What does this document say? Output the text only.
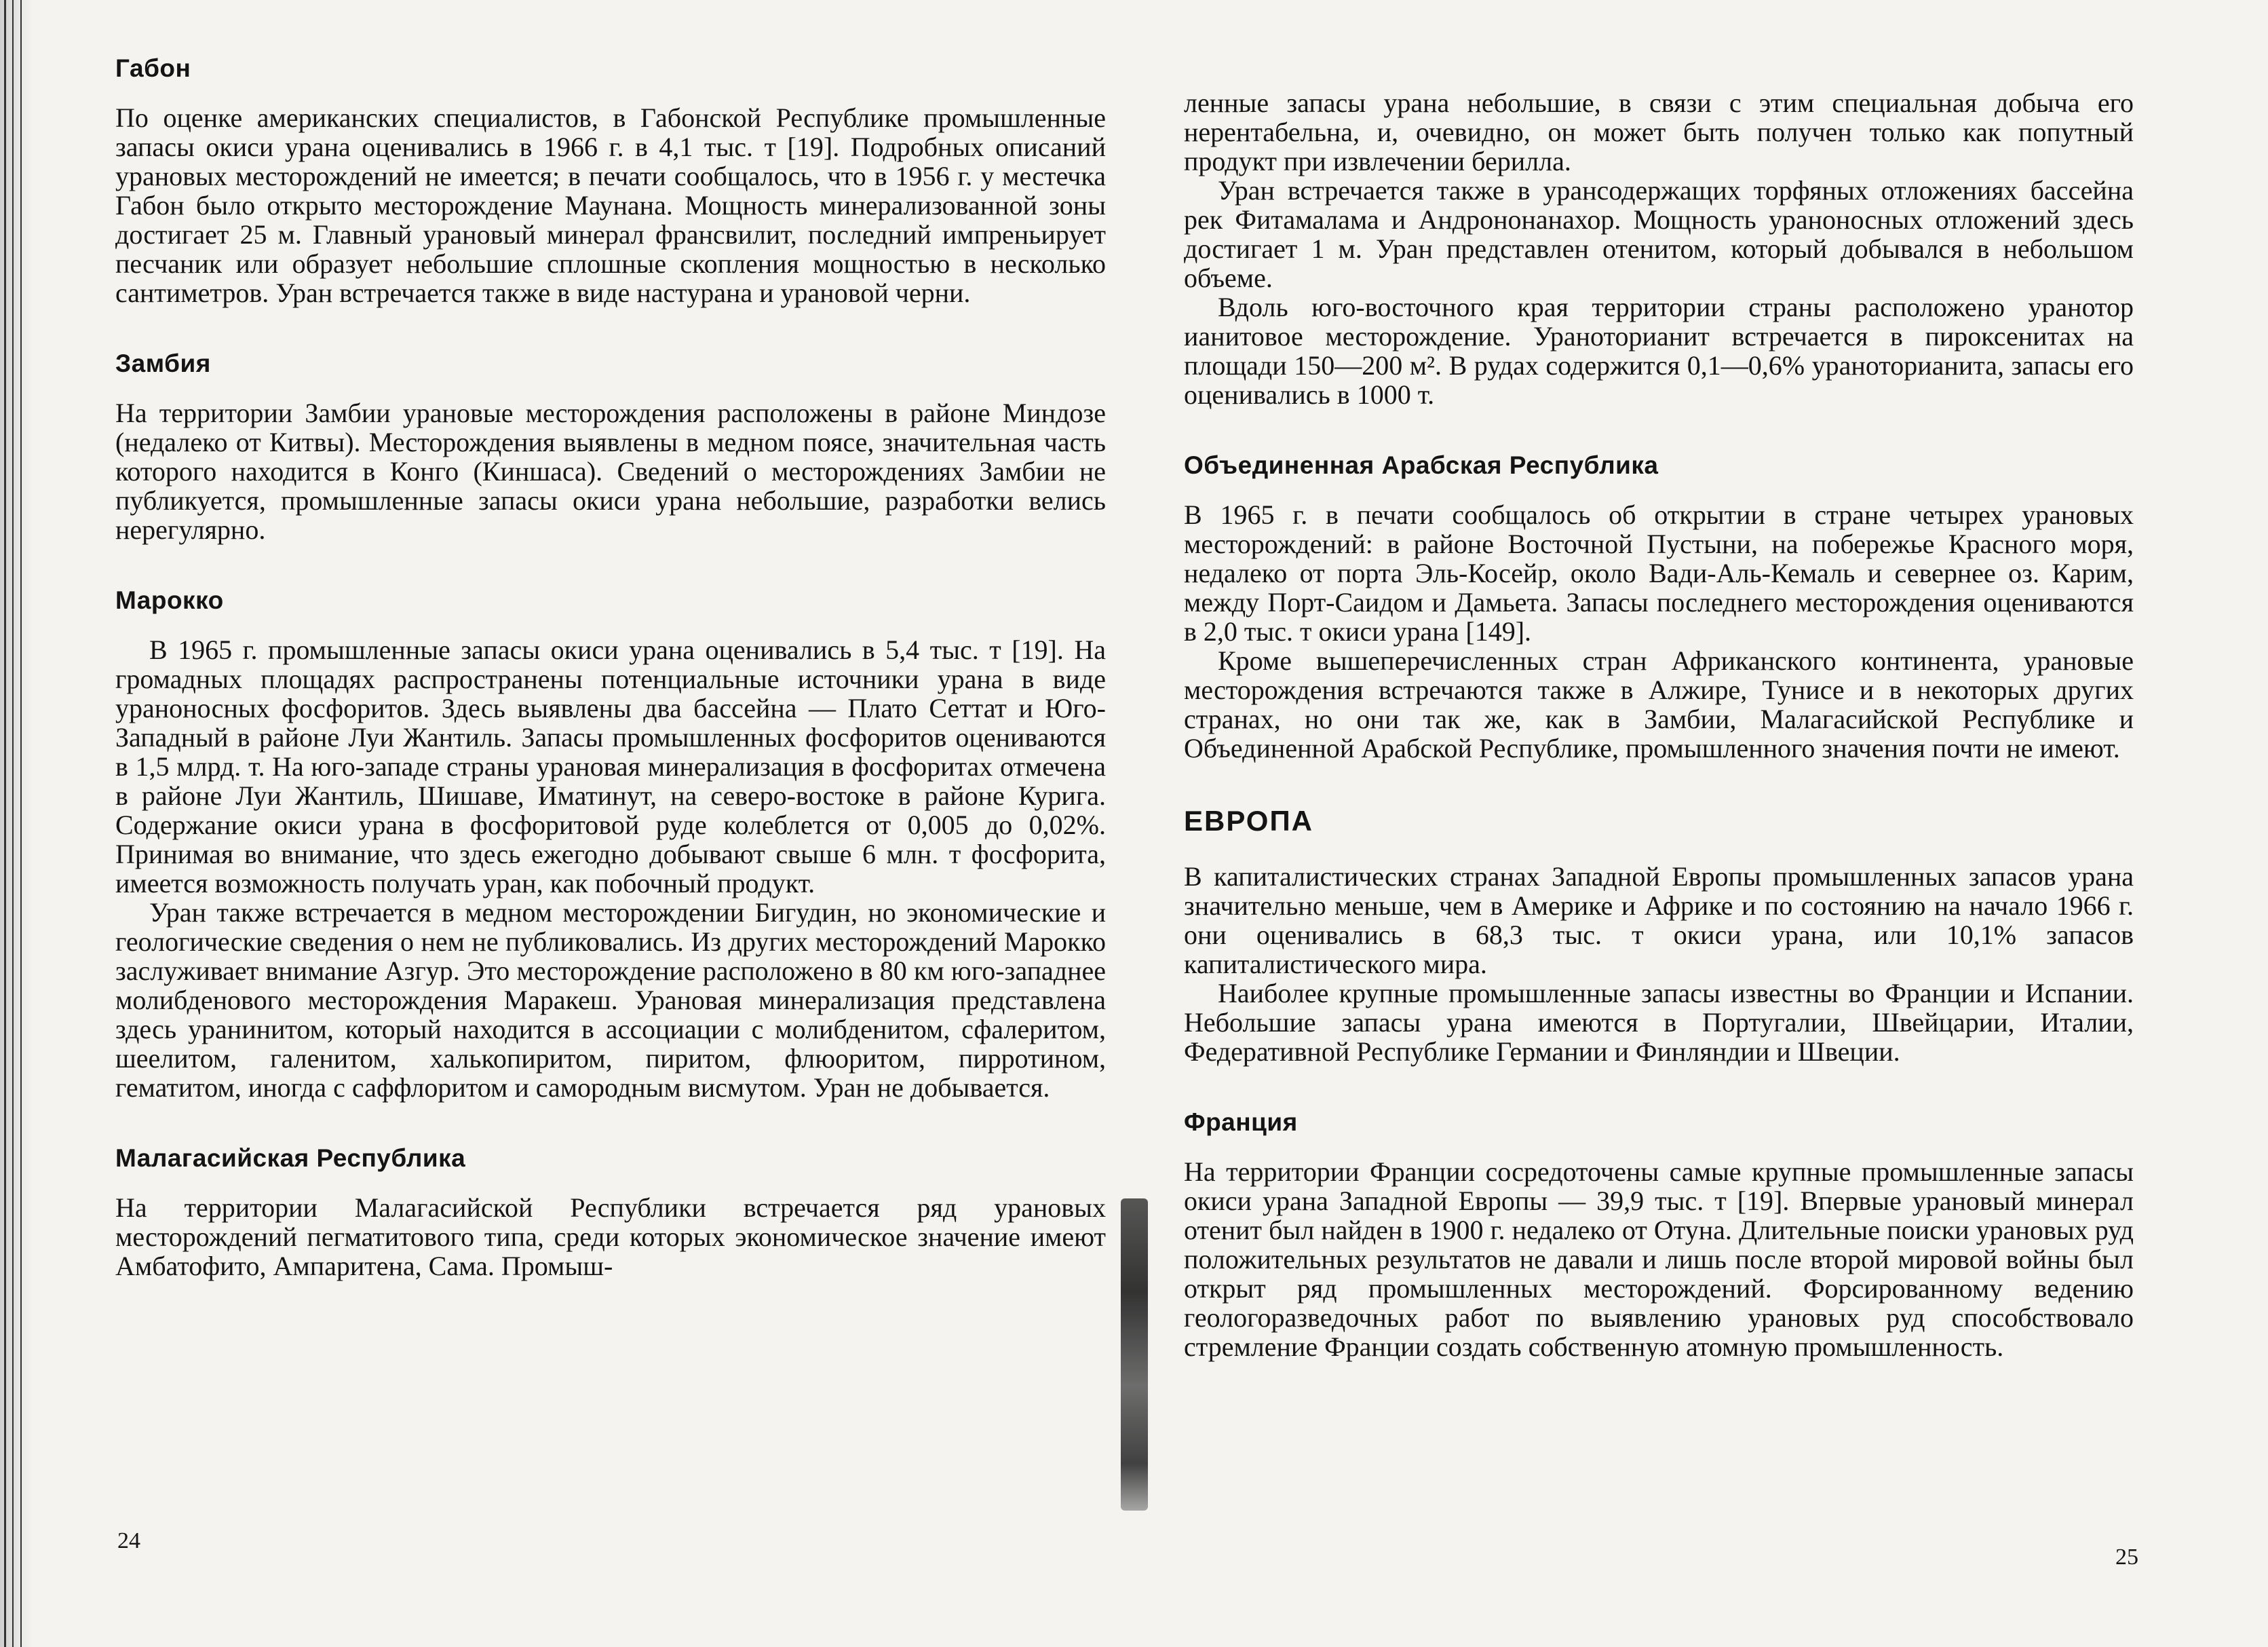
Габон

По оценке американских специалистов, в Габонской Республике промышленные запасы окиси урана оценивались в 1966 г. в 4,1 тыс. т [19]. Подробных описаний урановых месторождений не имеется; в печати сообщалось, что в 1956 г. у местечка Габон было открыто месторождение Маунана. Мощность минерализованной зоны достигает 25 м. Главный урановый минерал франсвилит, последний импреньирует песчаник или образует небольшие сплошные скопления мощностью в несколько сантиметров. Уран встречается также в виде настурана и урановой черни.

Замбия

На территории Замбии урановые месторождения расположены в районе Миндозе (недалеко от Китвы). Месторождения выявлены в медном поясе, значительная часть которого находится в Конго (Киншаса). Сведений о месторождениях Замбии не публикуется, промышленные запасы окиси урана небольшие, разработки велись нерегулярно.

Марокко

В 1965 г. промышленные запасы окиси урана оценивались в 5,4 тыс. т [19]. На громадных площадях распространены потенциальные источники урана в виде ураноносных фосфоритов. Здесь выявлены два бассейна — Плато Сеттат и Юго-Западный в районе Луи Жантиль. Запасы промышленных фосфоритов оцениваются в 1,5 млрд. т. На юго-западе страны урановая минерализация в фосфоритах отмечена в районе Луи Жантиль, Шишаве, Иматинут, на северо-востоке в районе Курига. Содержание окиси урана в фосфоритовой руде колеблется от 0,005 до 0,02%. Принимая во внимание, что здесь ежегодно добывают свыше 6 млн. т фосфорита, имеется возможность получать уран, как побочный продукт.

Уран также встречается в медном месторождении Бигудин, но экономические и геологические сведения о нем не публиковались. Из других месторождений Марокко заслуживает внимание Азгур. Это месторождение расположено в 80 км юго-западнее молибденового месторождения Маракеш. Урановая минерализация представлена здесь уранинитом, который находится в ассоциации с молибденитом, сфалеритом, шеелитом, галенитом, халькопиритом, пиритом, флюоритом, пирротином, гематитом, иногда с саффлоритом и самородным висмутом. Уран не добывается.

Малагасийская Республика

На территории Малагасийской Республики встречается ряд урановых месторождений пегматитового типа, среди которых экономическое значение имеют Амбатофито, Ампаритена, Сама. Промыш-

24

ленные запасы урана небольшие, в связи с этим специальная добыча его нерентабельна, и, очевидно, он может быть получен только как попутный продукт при извлечении берилла.

Уран встречается также в урансодержащих торфяных отложениях бассейна рек Фитамалама и Андрононанахор. Мощность ураноносных отложений здесь достигает 1 м. Уран представлен отенитом, который добывался в небольшом объеме.

Вдоль юго-восточного края территории страны расположено уранотор​ианитовое месторождение. Уранотор​ианит встречается в пироксенитах на площади 150—200 м². В рудах содержится 0,1—0,6% уранотор​ианита, запасы его оценивались в 1000 т.

Объединенная Арабская Республика

В 1965 г. в печати сообщалось об открытии в стране четырех урановых месторождений: в районе Восточной Пустыни, на побережье Красного моря, недалеко от порта Эль-Косейр, около Вади-Аль-Кемаль и севернее оз. Карим, между Порт-Саидом и Дамьета. Запасы последнего месторождения оцениваются в 2,0 тыс. т окиси урана [149].

Кроме вышеперечисленных стран Африканского континента, урановые месторождения встречаются также в Алжире, Тунисе и в некоторых других странах, но они так же, как в Замбии, Малагасийской Республике и Объединенной Арабской Республике, промышленного значения почти не имеют.

ЕВРОПА

В капиталистических странах Западной Европы промышленных запасов урана значительно меньше, чем в Америке и Африке и по состоянию на начало 1966 г. они оценивались в 68,3 тыс. т окиси урана, или 10,1% запасов капиталистического мира.

Наиболее крупные промышленные запасы известны во Франции и Испании. Небольшие запасы урана имеются в Португалии, Швейцарии, Италии, Федеративной Республике Германии и Финляндии и Швеции.

Франция

На территории Франции сосредоточены самые крупные промышленные запасы окиси урана Западной Европы — 39,9 тыс. т [19]. Впервые урановый минерал отенит был найден в 1900 г. недалеко от Отуна. Длительные поиски урановых руд положительных результатов не давали и лишь после второй мировой войны был открыт ряд промышленных месторождений. Форсированному ведению геологоразведочных работ по выявлению урановых руд способствовало стремление Франции создать собственную атомную промышленность.

25
